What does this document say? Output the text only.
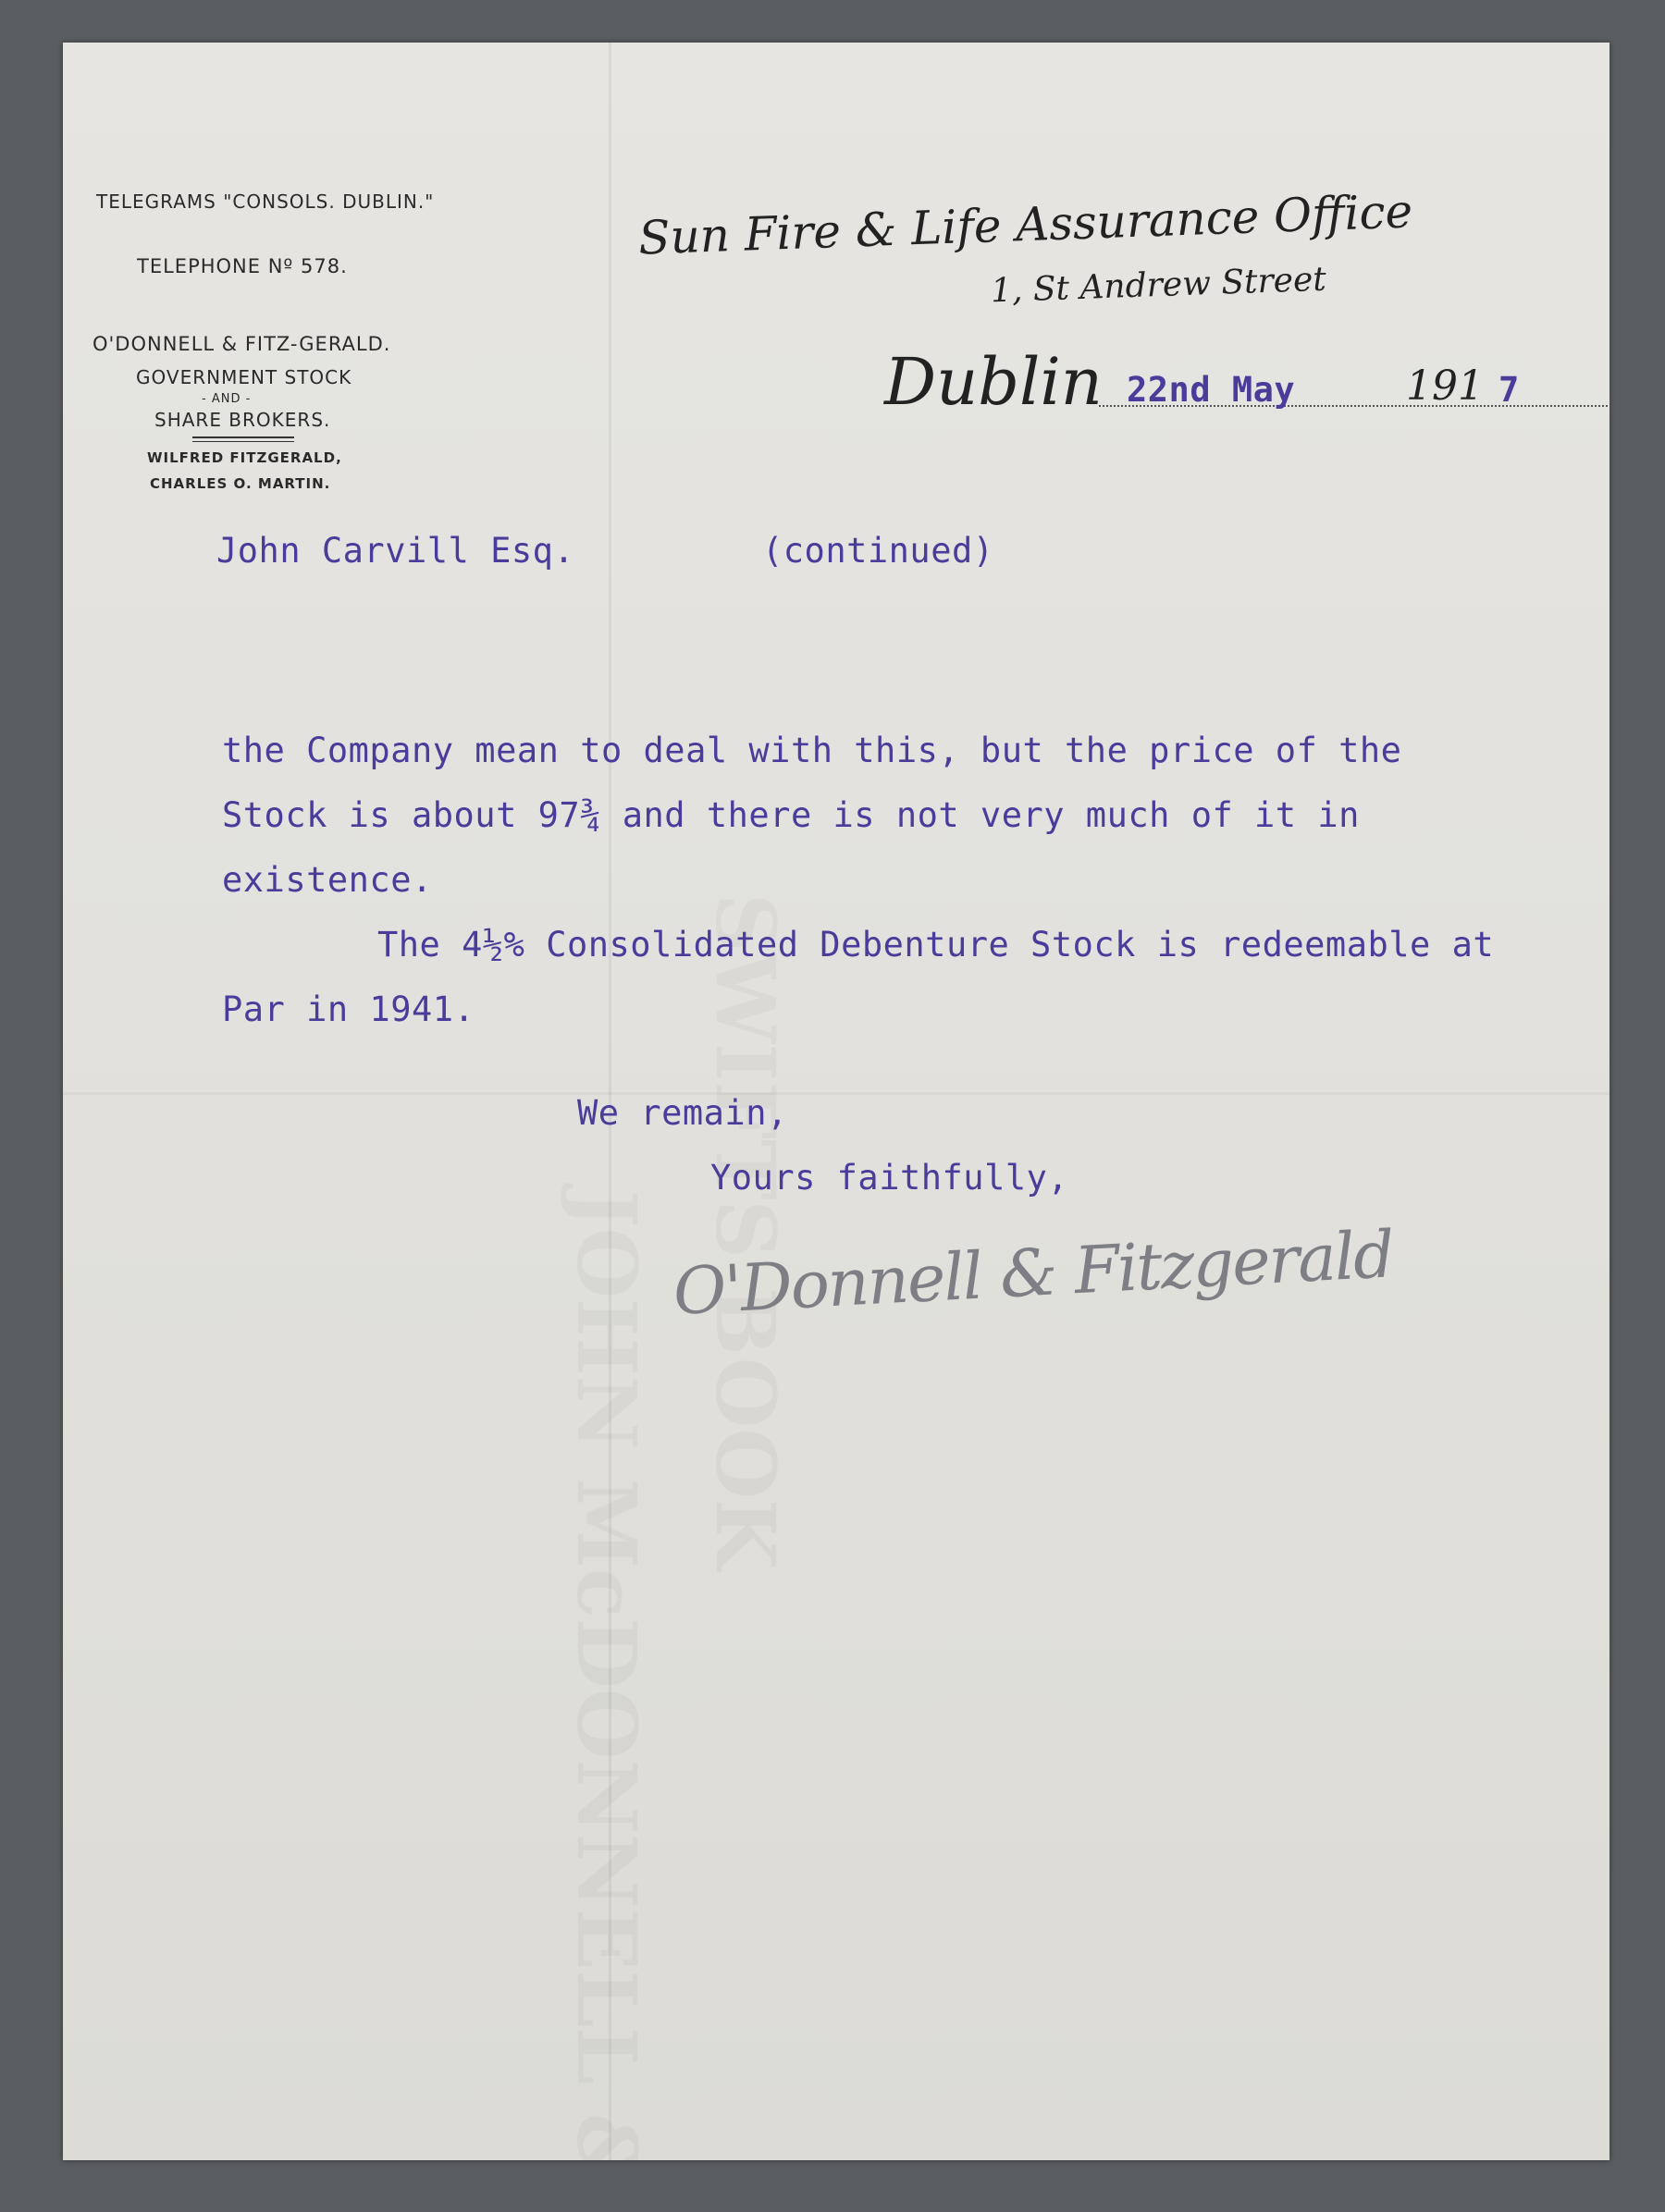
TELEGRAMS "CONSOLS. DUBLIN."
TELEPHONE Nº 578.
O'DONNELL & FITZ-GERALD.
GOVERNMENT STOCK
- AND -
SHARE BROKERS.
WILFRED FITZGERALD,
CHARLES O. MARTIN.
Sun Fire & Life Assurance Office
1, St Andrew Street
Dublin 22nd May	191 7
John Carvill Esq.	(continued)
the Company mean to deal with this, but the price of the
Stock is about 97¾ and there is not very much of it in
existence.
The 4½% Consolidated Debenture Stock is redeemable at
Par in 1941.
We remain,
Yours faithfully,
O'Donnell & Fitzgerald
